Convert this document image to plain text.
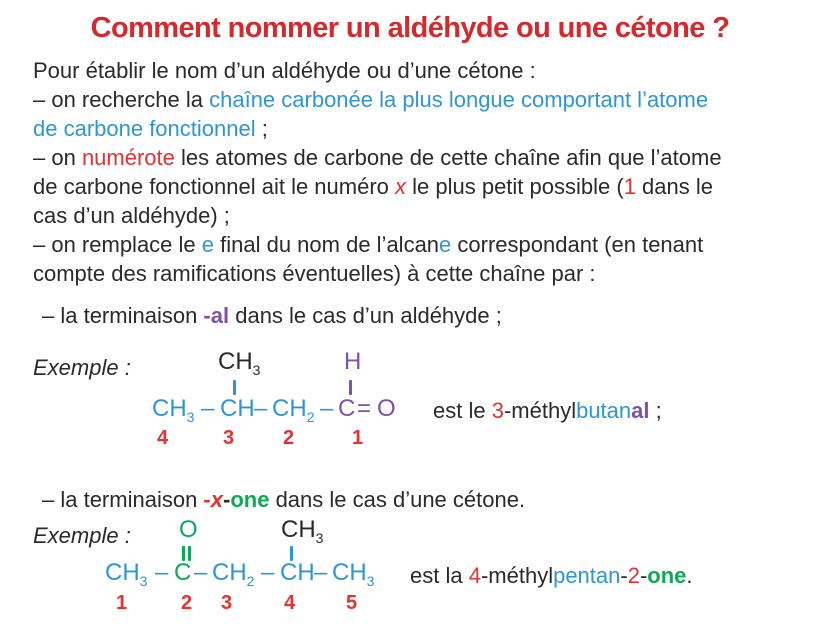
Comment nommer un aldéhyde ou une cétone ?
Pour établir le nom d’un aldéhyde ou d’une cétone :
– on recherche la chaîne carbonée la plus longue comportant l’atome
de carbone fonctionnel ;
– on numérote les atomes de carbone de cette chaîne afin que l’atome
de carbone fonctionnel ait le numéro x le plus petit possible (1 dans le
cas d’un aldéhyde) ;
– on remplace le e final du nom de l’alcane correspondant (en tenant
compte des ramifications éventuelles) à cette chaîne par :
– la terminaison -al dans le cas d’un aldéhyde ;
Exemple :	$CH_3$	H
$CH_3$ – CH – $CH_2 - C = O$ est le 3-méthylbutanal ;
4	3 2	1
– la terminaison -x-one dans le cas d’une cétone.
Exemple : O	$CH_3$
$CH_3$ – C – $CH_2$ – CH – $CH_3$ est la 4-méthylpentan-2-one.
1	2 3	4	5
